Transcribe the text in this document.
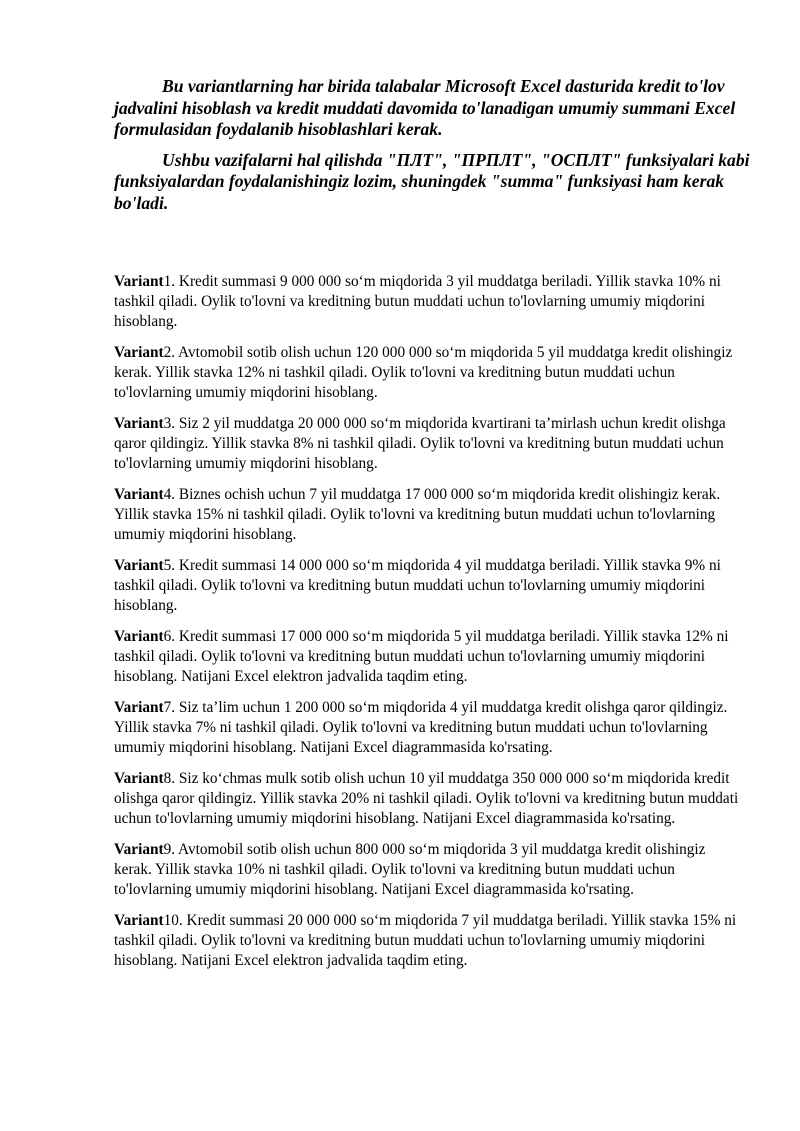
Bu variantlarning har birida talabalar Microsoft Excel dasturida kredit to'lov jadvalini hisoblash va kredit muddati davomida to'lanadigan umumiy summani Excel formulasidan foydalanib hisoblashlari kerak.

Ushbu vazifalarni hal qilishda "ПЛТ", "ПРПЛТ", "ОСПЛТ" funksiyalari kabi funksiyalardan foydalanishingiz lozim, shuningdek "summa" funksiyasi ham kerak bo'ladi.

Variant1. Kredit summasi 9 000 000 so‘m miqdorida 3 yil muddatga beriladi. Yillik stavka 10% ni tashkil qiladi. Oylik to'lovni va kreditning butun muddati uchun to'lovlarning umumiy miqdorini hisoblang.

Variant2. Avtomobil sotib olish uchun 120 000 000 so‘m miqdorida 5 yil muddatga kredit olishingiz kerak. Yillik stavka 12% ni tashkil qiladi. Oylik to'lovni va kreditning butun muddati uchun to'lovlarning umumiy miqdorini hisoblang.

Variant3. Siz 2 yil muddatga 20 000 000 so‘m miqdorida kvartirani ta’mirlash uchun kredit olishga qaror qildingiz. Yillik stavka 8% ni tashkil qiladi. Oylik to'lovni va kreditning butun muddati uchun to'lovlarning umumiy miqdorini hisoblang.

Variant4. Biznes ochish uchun 7 yil muddatga 17 000 000 so‘m miqdorida kredit olishingiz kerak. Yillik stavka 15% ni tashkil qiladi. Oylik to'lovni va kreditning butun muddati uchun to'lovlarning umumiy miqdorini hisoblang.

Variant5. Kredit summasi 14 000 000 so‘m miqdorida 4 yil muddatga beriladi. Yillik stavka 9% ni tashkil qiladi. Oylik to'lovni va kreditning butun muddati uchun to'lovlarning umumiy miqdorini hisoblang.

Variant6. Kredit summasi 17 000 000 so‘m miqdorida 5 yil muddatga beriladi. Yillik stavka 12% ni tashkil qiladi. Oylik to'lovni va kreditning butun muddati uchun to'lovlarning umumiy miqdorini hisoblang. Natijani Excel elektron jadvalida taqdim eting.

Variant7. Siz ta’lim uchun 1 200 000 so‘m miqdorida 4 yil muddatga kredit olishga qaror qildingiz. Yillik stavka 7% ni tashkil qiladi. Oylik to'lovni va kreditning butun muddati uchun to'lovlarning umumiy miqdorini hisoblang. Natijani Excel diagrammasida ko'rsating.

Variant8. Siz ko‘chmas mulk sotib olish uchun 10 yil muddatga 350 000 000 so‘m miqdorida kredit olishga qaror qildingiz. Yillik stavka 20% ni tashkil qiladi. Oylik to'lovni va kreditning butun muddati uchun to'lovlarning umumiy miqdorini hisoblang. Natijani Excel diagrammasida ko'rsating.

Variant9. Avtomobil sotib olish uchun 800 000 so‘m miqdorida 3 yil muddatga kredit olishingiz kerak. Yillik stavka 10% ni tashkil qiladi. Oylik to'lovni va kreditning butun muddati uchun to'lovlarning umumiy miqdorini hisoblang. Natijani Excel diagrammasida ko'rsating.

Variant10. Kredit summasi 20 000 000 so‘m miqdorida 7 yil muddatga beriladi. Yillik stavka 15% ni tashkil qiladi. Oylik to'lovni va kreditning butun muddati uchun to'lovlarning umumiy miqdorini hisoblang. Natijani Excel elektron jadvalida taqdim eting.
